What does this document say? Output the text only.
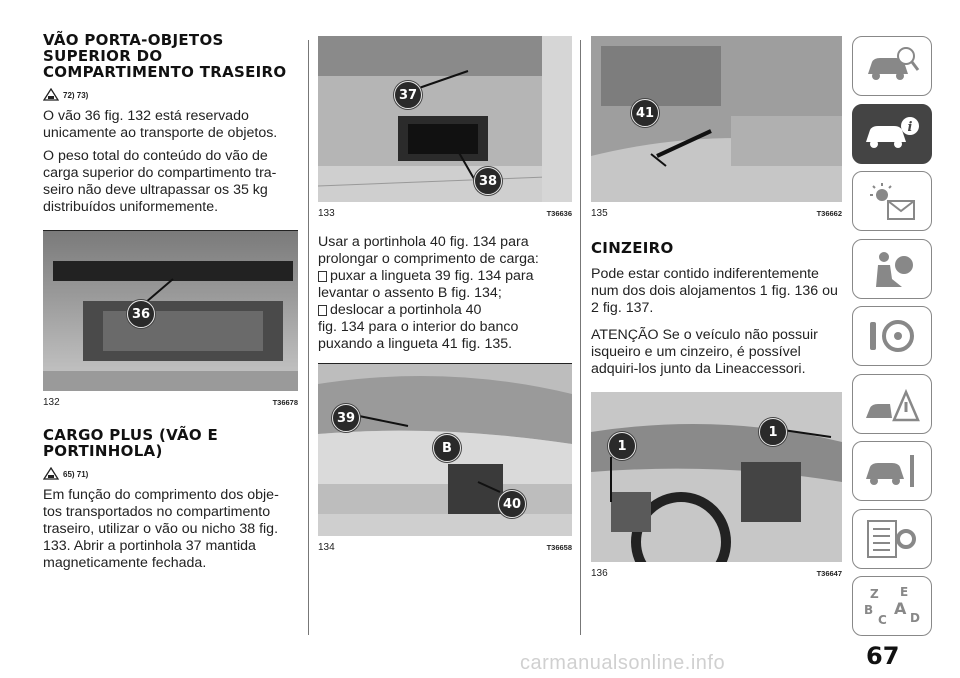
VÃO PORTA-OBJETOS SUPERIOR DO COMPARTIMENTO TRASEIRO
72) 73)

O vão 36 fig. 132 está reservado unicamente ao transporte de objetos.

O peso total do conteúdo do vão de carga superior do compartimento tra- seiro não deve ultrapassar os 35 kg distribuídos uniformemente.

36
132	T36678
CARGO PLUS (VÃO E PORTINHOLA)
65) 71)

Em função do comprimento dos obje- tos transportados no compartimento traseiro, utilizar o vão ou nicho 38 fig. 133. Abrir a portinhola 37 mantida magneticamente fechada.

37
38
133	T36636

Usar a portinhola 40 fig. 134 para prolongar o comprimento de carga:

puxar a lingueta 39 fig. 134 para

levantar o assento B fig. 134;

deslocar a portinhola 40

fig. 134 para o interior do banco

puxando a lingueta 41 fig. 135.

39
B
40
134	T36658
41
135	T36662
CINZEIRO

Pode estar contido indiferentemente num dos dois alojamentos 1 fig. 136 ou 2 fig. 137.

ATENÇÃO Se o veículo não possuir isqueiro e um cinzeiro, é possível adquiri-los junto da Lineaccessori.

1
1
136	T36647
i
Z E
A
B
C D
67
carmanualsonline.info
